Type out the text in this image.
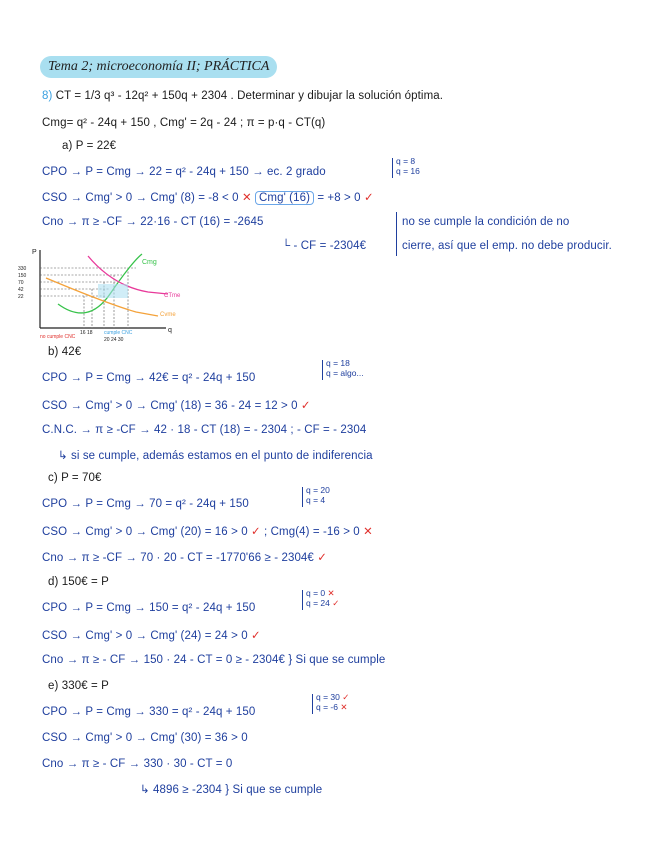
Tema 2; microeconomía II; PRÁCTICA
8) CT = 1/3 q³ - 12q² + 150q + 2304 . Determinar y dibujar la solución óptima.
Cmg= q² - 24q + 150 , Cmg' = 2q - 24 ; π = p·q - CT(q)
a) P = 22€
CPO → P = Cmg → 22 = q² - 24q + 150 → ec. 2 grado
q = 8
q = 16
CSO → Cmg' > 0 → Cmg' (8) = -8 < 0 ✕ Cmg' (16) = +8 > 0 ✓
Cno → π ≥ -CF → 22·16 - CT (16) = -2645
└ - CF = -2304€
no se cumple la condición de no
cierre, así que el emp. no debe producir.
P
q
330
150
70
42
22
Cmg
CTme
Cvme
no cumple CNC
16 18 cumple CNC
20 24 30
b) 42€
CPO → P = Cmg → 42€ = q² - 24q + 150
q = 18
q = algo...
CSO → Cmg' > 0 → Cmg' (18) = 36 - 24 = 12 > 0 ✓
C.N.C. → π ≥ -CF → 42 · 18 - CT (18) = - 2304 ; - CF = - 2304
↳ si se cumple, además estamos en el punto de indiferencia
c) P = 70€
CPO → P = Cmg → 70 = q² - 24q + 150
q = 20
q = 4
CSO → Cmg' > 0 → Cmg' (20) = 16 > 0 ✓ ; Cmg(4) = -16 > 0 ✕
Cno → π ≥ -CF → 70 · 20 - CT = -1770'66 ≥ - 2304€ ✓
d) 150€ = P
CPO → P = Cmg → 150 = q² - 24q + 150
q = 0 ✕
q = 24 ✓
CSO → Cmg' > 0 → Cmg' (24) = 24 > 0 ✓
Cno → π ≥ - CF → 150 · 24 - CT = 0 ≥ - 2304€ } Si que se cumple
e) 330€ = P
CPO → P = Cmg → 330 = q² - 24q + 150
q = 30 ✓
q = -6 ✕
CSO → Cmg' > 0 → Cmg' (30) = 36 > 0
Cno → π ≥ - CF → 330 · 30 - CT = 0
↳ 4896 ≥ -2304 } Si que se cumple
